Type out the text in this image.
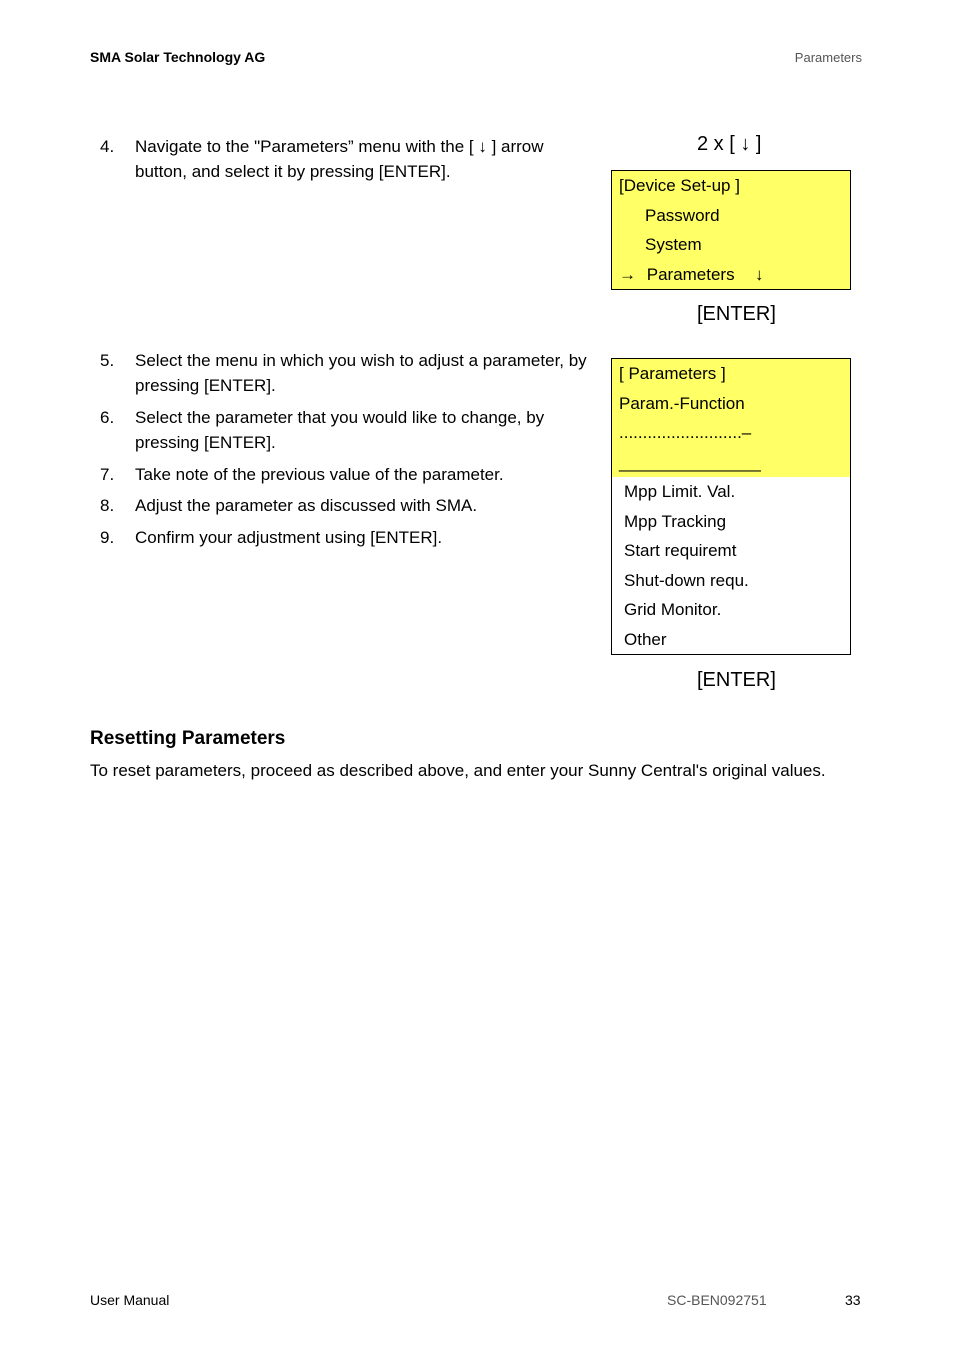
SMA Solar Technology AG	Parameters
4. Navigate to the "Parameters” menu with the [ ↓ ] arrow button, and select it by pressing [ENTER].
5. Select the menu in which you wish to adjust a parameter, by pressing [ENTER].
6. Select the parameter that you would like to change, by pressing [ENTER].
7. Take note of the previous value of the parameter.
8. Adjust the parameter as discussed with SMA.
9. Confirm your adjustment using [ENTER].
2 x [ ↓ ]
[Device Set-up ]
Password
System
→ Parameters ↓
[ENTER]
[ Parameters ]
Param.-Function
..........................–
_______________
Mpp Limit. Val.
Mpp Tracking
Start requiremt
Shut-down requ.
Grid Monitor.
Other
[ENTER]
Resetting Parameters
To reset parameters, proceed as described above, and enter your Sunny Central's original values.
User Manual	SC-BEN092751	33
